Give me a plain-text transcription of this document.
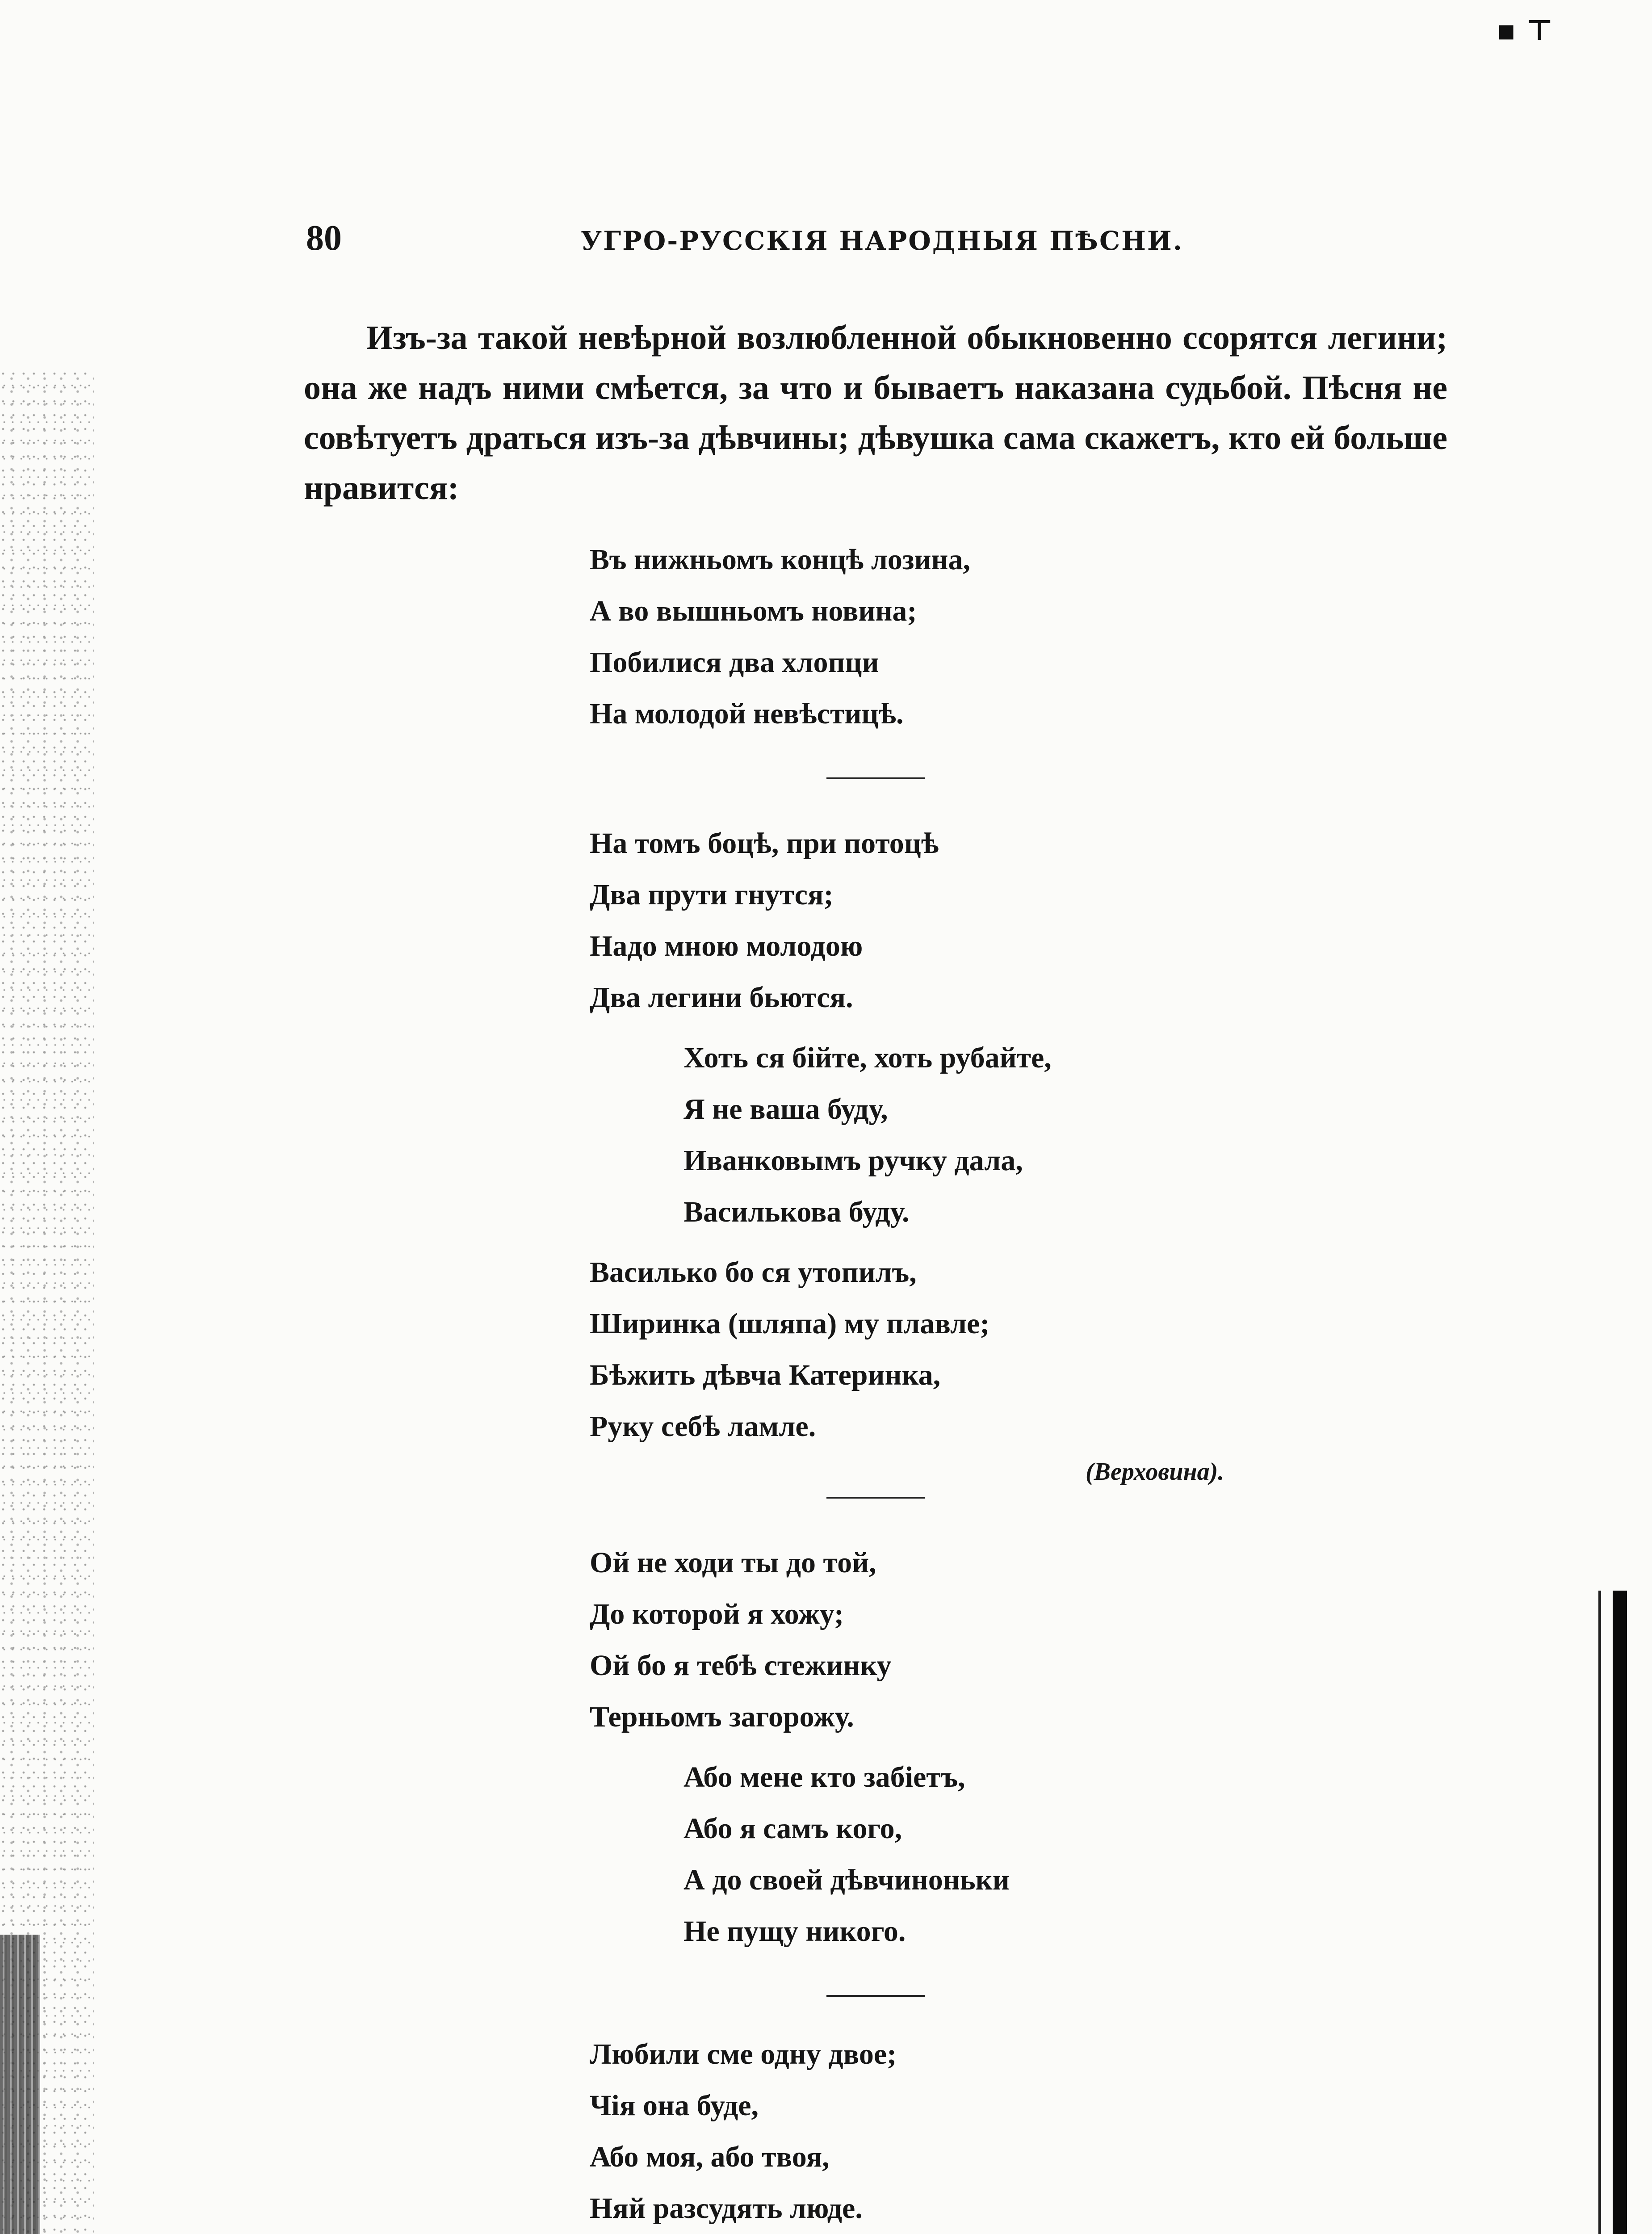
▪ ⊤
80	УГРО-РУССКІЯ НАРОДНЫЯ ПѢСНИ.

Изъ-за такой невѣрной возлюбленной обыкновенно ссорятся легини; она же надъ ними смѣется, за что и бываетъ наказана судьбой. Пѣсня не совѣтуетъ драться изъ-за дѣвчины; дѣвушка сама скажетъ, кто ей больше нравится:

Въ нижньомъ концѣ лозина,
А во вышньомъ новина;
Побилися два хлопци
На молодой невѣстицѣ.
На томъ боцѣ, при потоцѣ
Два прути гнутся;
Надо мною молодою
Два легини бьются.
Хоть ся бійте, хоть рубайте,
Я не ваша буду,
Иванковымъ ручку дала,
Василькова буду.
Василько бо ся утопилъ,
Ширинка (шляпа) му плавле;
Бѣжить дѣвча Катеринка,
Руку себѣ ламле.
(Верховина).
Ой не ходи ты до той,
До которой я хожу;
Ой бо я тебѣ стежинку
Терньомъ загорожу.
Або мене кто забіетъ,
Або я самъ кого,
А до своей дѣвчиноньки
Не пущу никого.
Любили сме одну двое;
Чія она буде,
Або моя, або твоя,
Няй разсудять люде.
